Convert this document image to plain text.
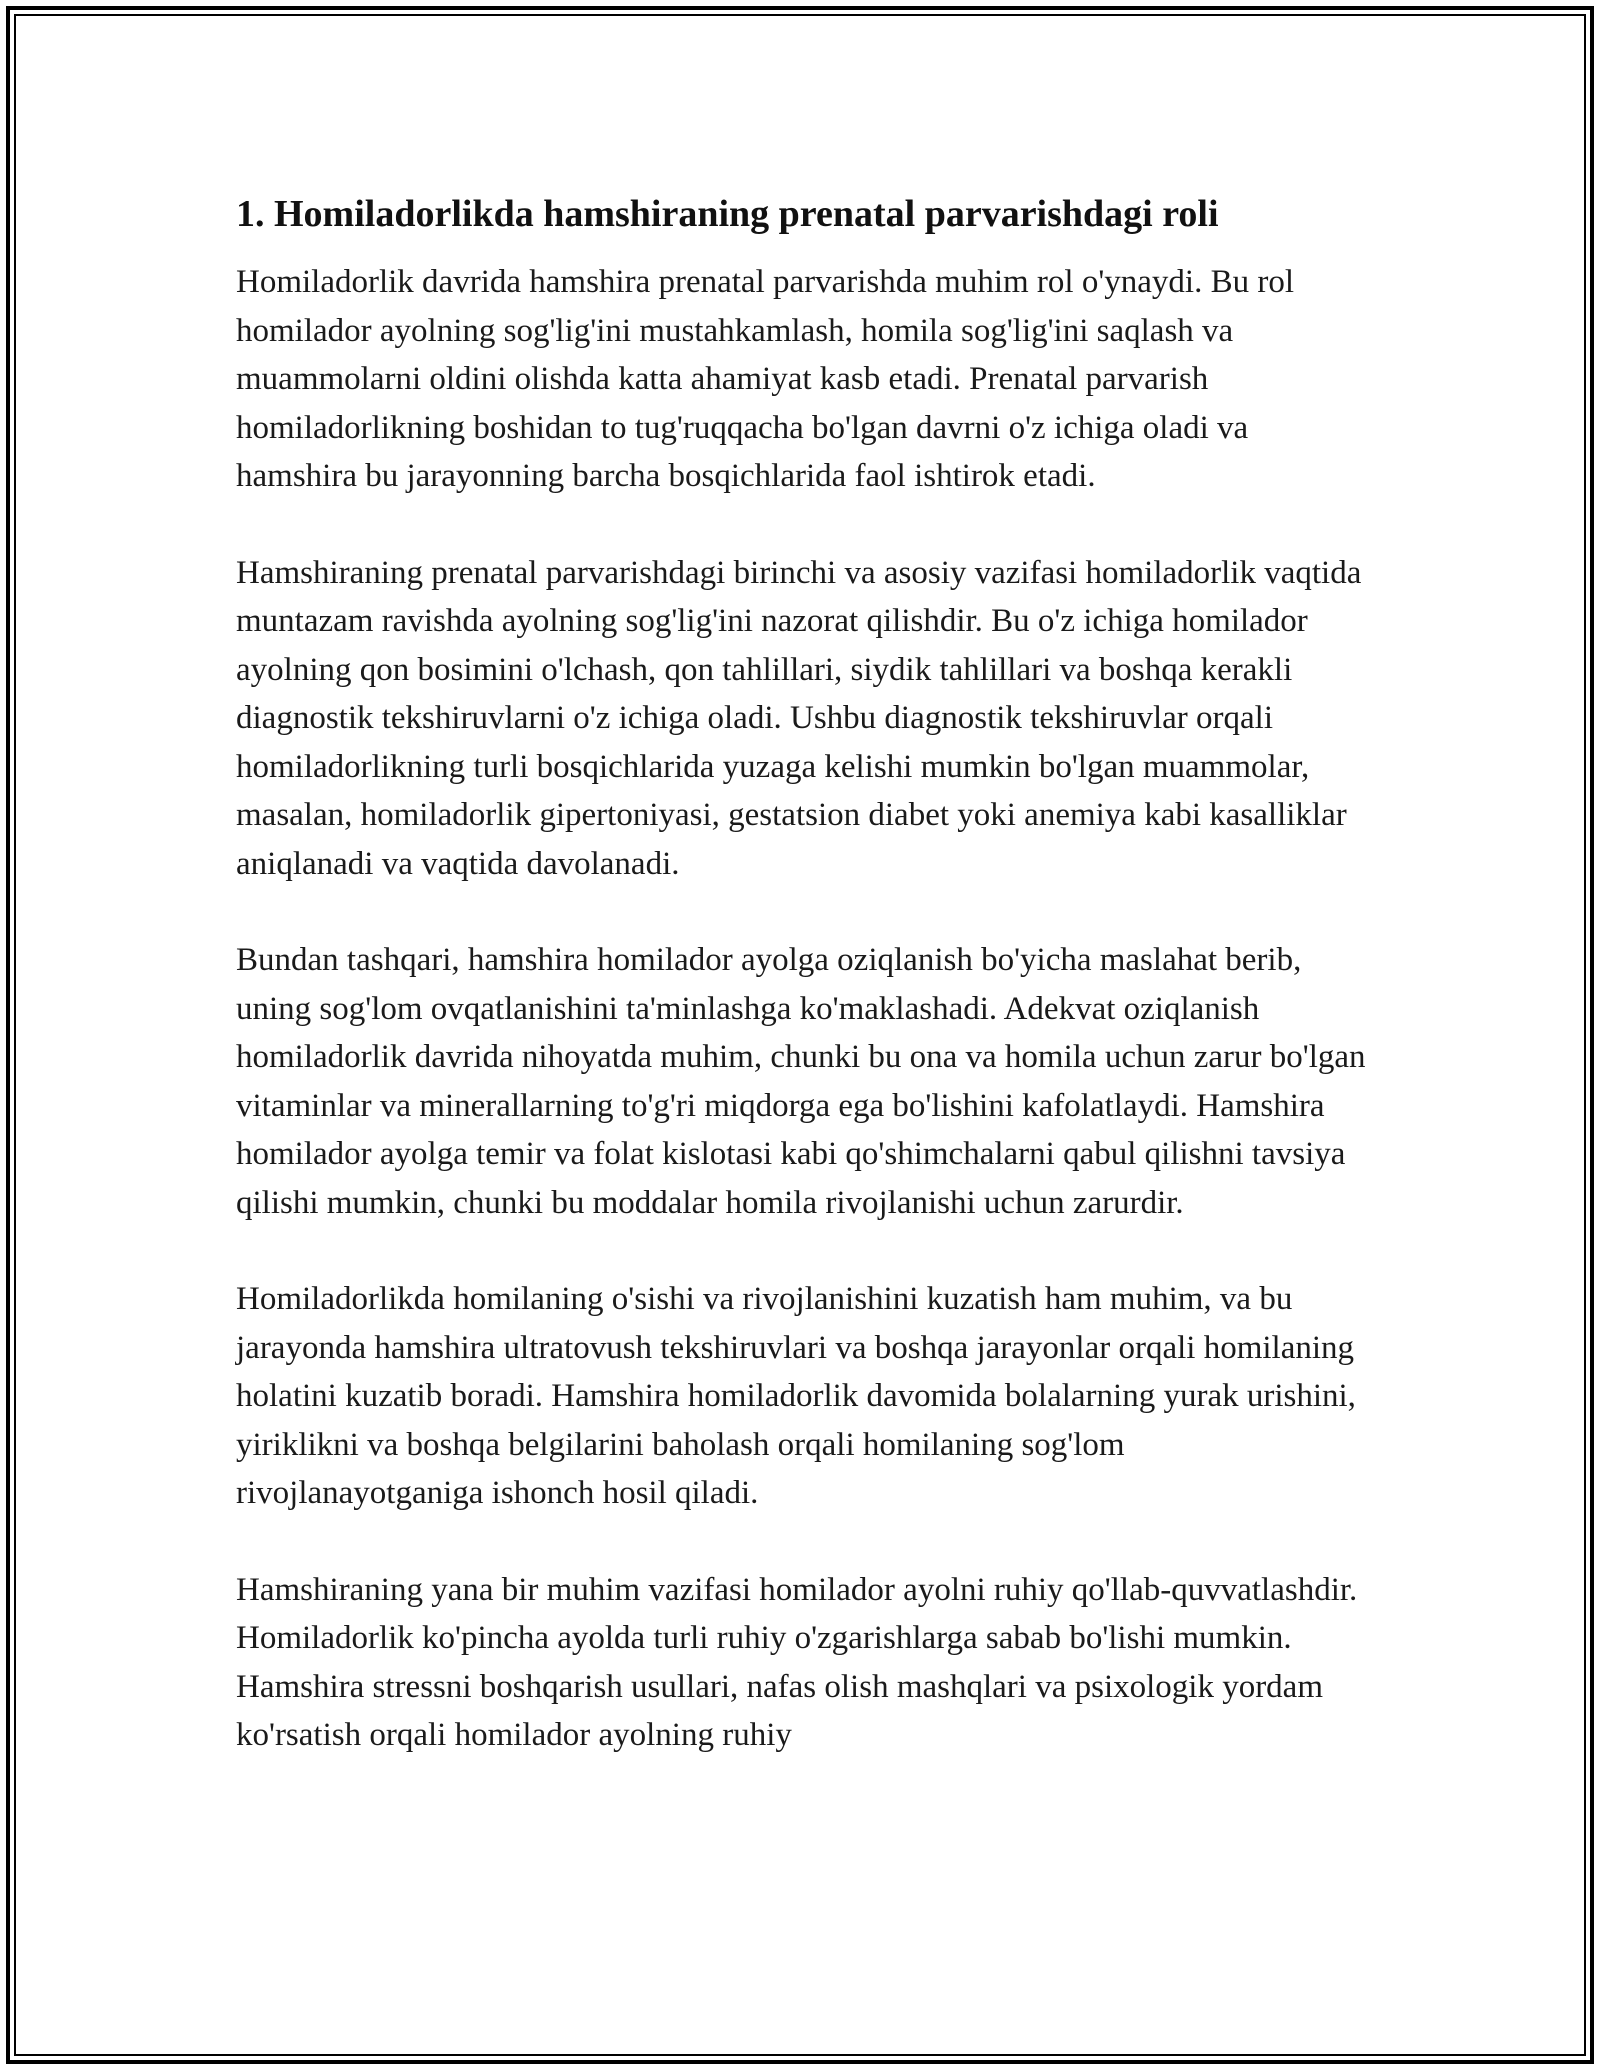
1. Homiladorlikda hamshiraning prenatal parvarishdagi roli

Homiladorlik davrida hamshira prenatal parvarishda muhim rol o'ynaydi. Bu rol homilador ayolning sog'lig'ini mustahkamlash, homila sog'lig'ini saqlash va muammolarni oldini olishda katta ahamiyat kasb etadi. Prenatal parvarish homiladorlikning boshidan to tug'ruqqacha bo'lgan davrni o'z ichiga oladi va hamshira bu jarayonning barcha bosqichlarida faol ishtirok etadi.

Hamshiraning prenatal parvarishdagi birinchi va asosiy vazifasi homiladorlik vaqtida muntazam ravishda ayolning sog'lig'ini nazorat qilishdir. Bu o'z ichiga homilador ayolning qon bosimini o'lchash, qon tahlillari, siydik tahlillari va boshqa kerakli diagnostik tekshiruvlarni o'z ichiga oladi. Ushbu diagnostik tekshiruvlar orqali homiladorlikning turli bosqichlarida yuzaga kelishi mumkin bo'lgan muammolar, masalan, homiladorlik gipertoniyasi, gestatsion diabet yoki anemiya kabi kasalliklar aniqlanadi va vaqtida davolanadi.

Bundan tashqari, hamshira homilador ayolga oziqlanish bo'yicha maslahat berib, uning sog'lom ovqatlanishini ta'minlashga ko'maklashadi. Adekvat oziqlanish homiladorlik davrida nihoyatda muhim, chunki bu ona va homila uchun zarur bo'lgan vitaminlar va minerallarning to'g'ri miqdorga ega bo'lishini kafolatlaydi. Hamshira homilador ayolga temir va folat kislotasi kabi qo'shimchalarni qabul qilishni tavsiya qilishi mumkin, chunki bu moddalar homila rivojlanishi uchun zarurdir.

Homiladorlikda homilaning o'sishi va rivojlanishini kuzatish ham muhim, va bu jarayonda hamshira ultratovush tekshiruvlari va boshqa jarayonlar orqali homilaning holatini kuzatib boradi. Hamshira homiladorlik davomida bolalarning yurak urishini, yiriklikni va boshqa belgilarini baholash orqali homilaning sog'lom rivojlanayotganiga ishonch hosil qiladi.

Hamshiraning yana bir muhim vazifasi homilador ayolni ruhiy qo'llab-quvvatlashdir. Homiladorlik ko'pincha ayolda turli ruhiy o'zgarishlarga sabab bo'lishi mumkin. Hamshira stressni boshqarish usullari, nafas olish mashqlari va psixologik yordam ko'rsatish orqali homilador ayolning ruhiy
